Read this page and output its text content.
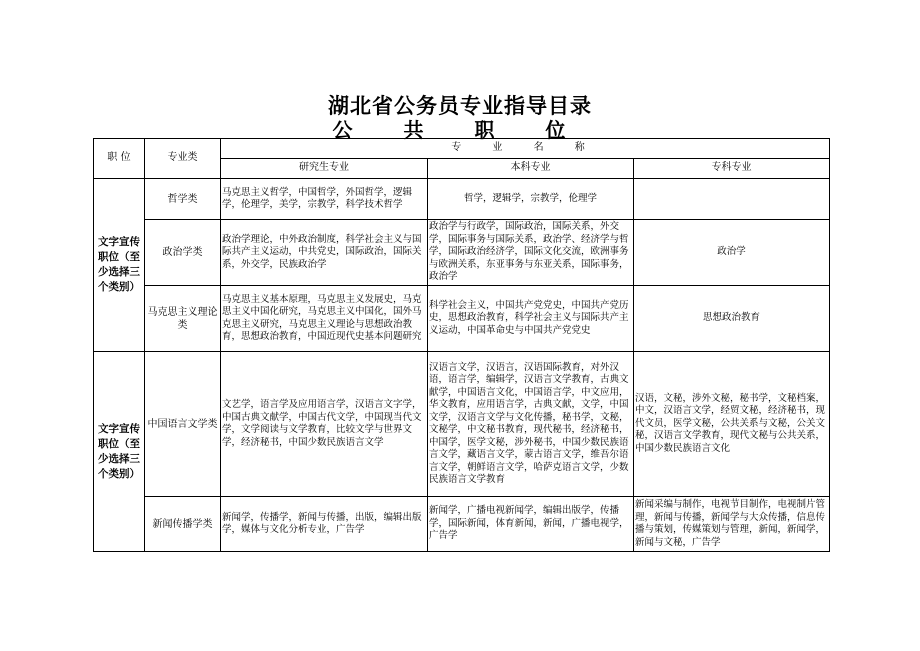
湖北省公务员专业指导目录
公 共 职 位
职 位	专业类	专 业 名 称		
		研究生专业	本科专业	专科专业
文字宣传职位（至少选择三个类别）	哲学类	马克思主义哲学，中国哲学，外国哲学，逻辑学，伦理学，美学，宗教学，科学技术哲学	哲学，逻辑学，宗教学，伦理学	
	政治学类	政治学理论，中外政治制度，科学社会主义与国际共产主义运动，中共党史，国际政治，国际关系，外交学，民族政治学	政治学与行政学，国际政治，国际关系，外交学，国际事务与国际关系，政治学、经济学与哲学，国际政治经济学，国际文化交流，欧洲事务与欧洲关系，东亚事务与东亚关系，国际事务，政治学	政治学
	马克思主义理论类	马克思主义基本原理，马克思主义发展史，马克思主义中国化研究，马克思主义中国化，国外马克思主义研究，马克思主义理论与思想政治教育，思想政治教育，中国近现代史基本问题研究	科学社会主义，中国共产党党史，中国共产党历史，思想政治教育，科学社会主义与国际共产主义运动，中国革命史与中国共产党党史	思想政治教育
文字宣传职位（至少选择三个类别）	中国语言文学类	文艺学，语言学及应用语言学，汉语言文字学，中国古典文献学，中国古代文学，中国现当代文学，文学阅读与文学教育，比较文学与世界文学，经济秘书，中国少数民族语言文学	汉语言文学，汉语言，汉语国际教育，对外汉语，语言学，编辑学，汉语言文学教育，古典文献学，中国语言文化，中国语言学，中文应用，华文教育，应用语言学，古典文献，文学，中国文学，汉语言文学与文化传播，秘书学，文秘，文秘学，中文秘书教育，现代秘书，经济秘书，中国学，医学文秘，涉外秘书，中国少数民族语言文学，藏语言文学，蒙古语言文学，维吾尔语言文学，朝鲜语言文学，哈萨克语言文学，少数民族语言文学教育	汉语，文秘，涉外文秘，秘书学，文秘档案，中文，汉语言文学，经贸文秘，经济秘书，现代文员，医学文秘，公共关系与文秘，公关文秘，汉语言文学教育，现代文秘与公共关系，中国少数民族语言文化
	新闻传播学类	新闻学，传播学，新闻与传播，出版，编辑出版学，媒体与文化分析专业，广告学	新闻学，广播电视新闻学，编辑出版学，传播学，国际新闻，体育新闻，新闻，广播电视学，广告学	新闻采编与制作，电视节目制作，电视制片管理，新闻与传播，新闻学与大众传播，信息传播与策划，传媒策划与管理，新闻，新闻学，新闻与文秘，广告学
